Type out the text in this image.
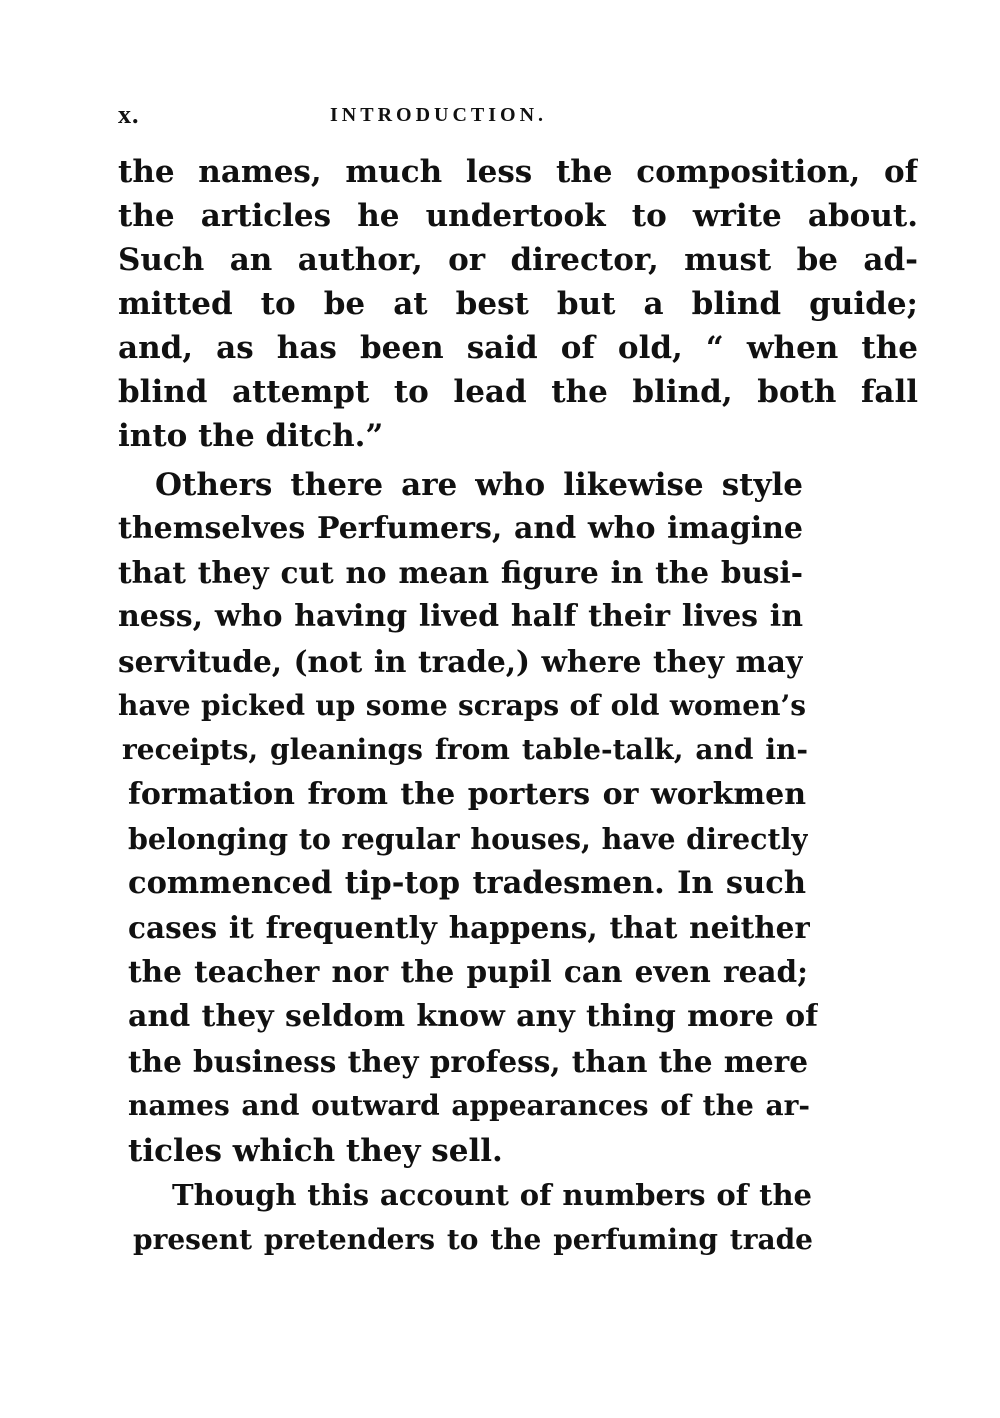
x.	INTRODUCTION.
the names, much less the composition, of
the articles he undertook to write about.
Such an author, or director, must be ad-
mitted to be at best but a blind guide;
and, as has been said of old, “ when the
blind attempt to lead the blind, both fall
into the ditch.”
Others there are who likewise style
themselves Perfumers, and who imagine
that they cut no mean figure in the busi-
ness, who having lived half their lives in
servitude, (not in trade,) where they may
have picked up some scraps of old women’s
receipts, gleanings from table-talk, and in-
formation from the porters or workmen
belonging to regular houses, have directly
commenced tip-top tradesmen. In such
cases it frequently happens, that neither
the teacher nor the pupil can even read;
and they seldom know any thing more of
the business they profess, than the mere
names and outward appearances of the ar-
ticles which they sell.
Though this account of numbers of the
present pretenders to the perfuming trade
